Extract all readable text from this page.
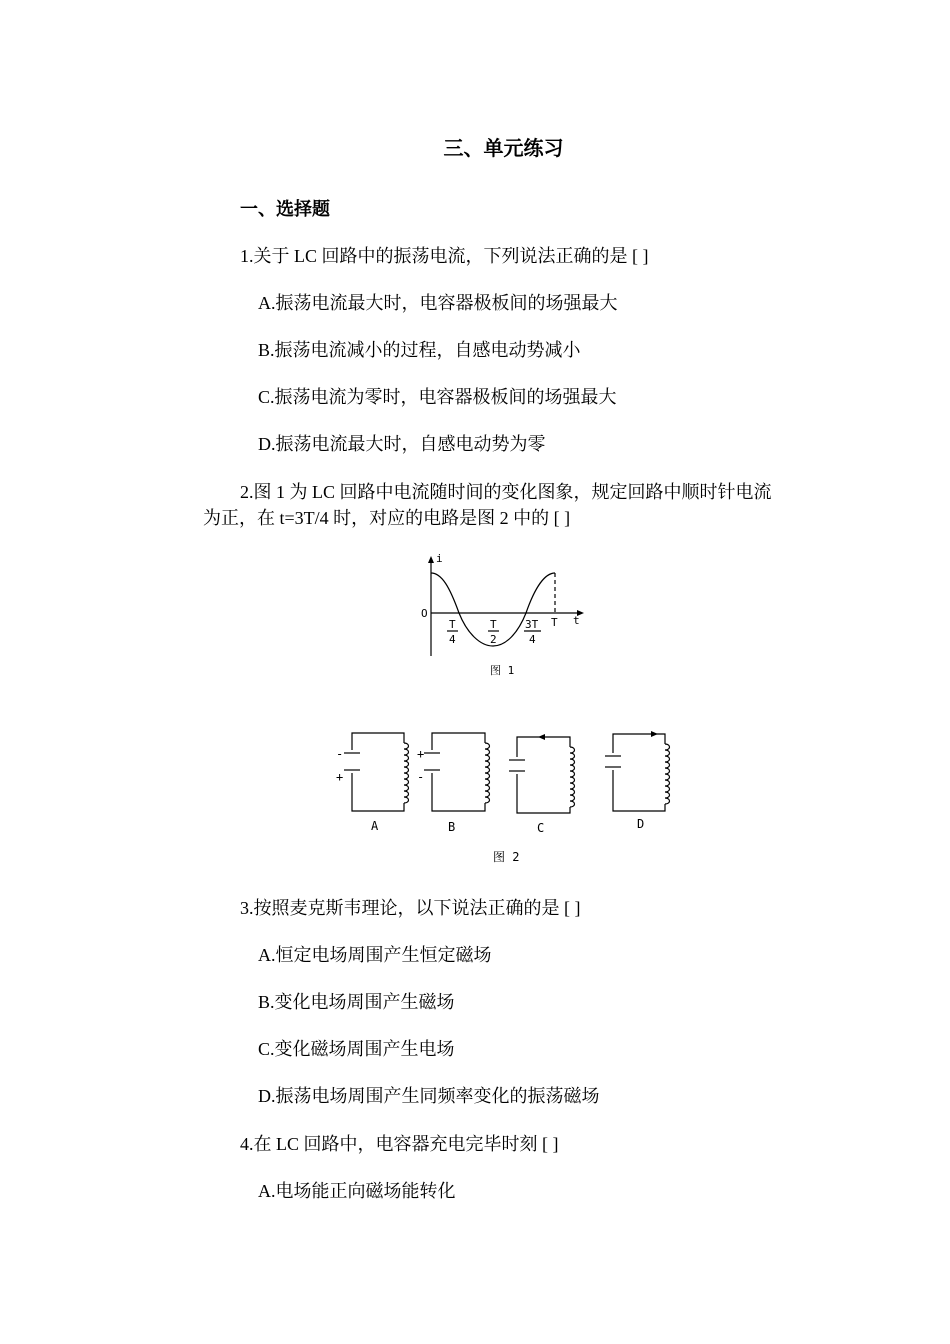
三、单元练习
一、选择题
1.关于 LC 回路中的振荡电流，下列说法正确的是 [ ]
A.振荡电流最大时，电容器极板间的场强最大
B.振荡电流减小的过程，自感电动势减小
C.振荡电流为零时，电容器极板间的场强最大
D.振荡电流最大时，自感电动势为零
2.图 1 为 LC 回路中电流随时间的变化图象，规定回路中顺时针电流
为正，在 t=3T/4 时，对应的电路是图 2 中的 [ ]
i
t
O
T
4
T
2
3T
4
T
图 1
-
+
+
-
A	B	C	D
图 2
3.按照麦克斯韦理论，以下说法正确的是 [ ]
A.恒定电场周围产生恒定磁场
B.变化电场周围产生磁场
C.变化磁场周围产生电场
D.振荡电场周围产生同频率变化的振荡磁场
4.在 LC 回路中，电容器充电完毕时刻 [ ]
A.电场能正向磁场能转化
